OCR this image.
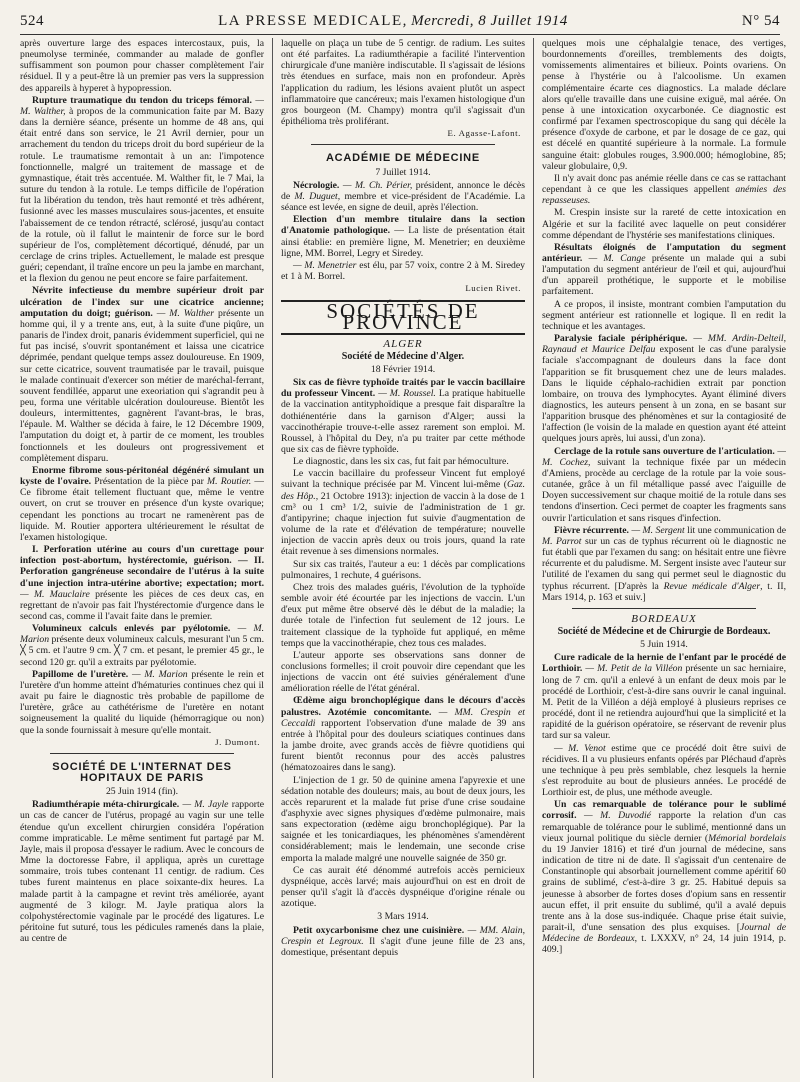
524	LA PRESSE MEDICALE, Mercredi, 8 Juillet 1914	N° 54

après ouverture large des espaces intercostaux, puis, la pneumolyse terminée, commander au malade de gonfler suffisamment son poumon pour chasser complètement l'air résiduel. Il y a peut-être là un premier pas vers la suppression des appareils à hyperet à hypopression.

Rupture traumatique du tendon du triceps fémoral. — M. Walther, à propos de la communication faite par M. Bazy dans la dernière séance, présente un homme de 48 ans, qui était entré dans son service, le 21 Avril dernier, pour un arrachement du tendon du triceps droit du bord supérieur de la rotule. Le traumatisme remontait à un an: l'impotence fonctionnelle, malgré un traitement de massage et de gymnastique, était très accentuée. M. Walther fit, le 7 Mai, la suture du tendon à la rotule. Le temps difficile de l'opération fut la libération du tendon, très haut remonté et très adhérent, fusionné avec les masses musculaires sous-jacentes, et ensuite l'abaissement de ce tendon rétracté, sclérosé, jusqu'au contact de la rotule, où il fallut le maintenir de force sur le bord supérieur de l'os, complètement décortiqué, dénudé, par un cerclage de crins triples. Actuellement, le malade est presque guéri; cependant, il traîne encore un peu la jambe en marchant, et la flexion du genou ne peut encore se faire parfaitement.

Névrite infectieuse du membre supérieur droit par ulcération de l'index sur une cicatrice ancienne; amputation du doigt; guérison. — M. Walther présente un homme qui, il y a trente ans, eut, à la suite d'une piqûre, un panaris de l'index droit, panaris évidemment superficiel, qui ne fut pas incisé, s'ouvrit spontanément et laissa une cicatrice déprimée, pendant quelque temps assez douloureuse. En 1909, sur cette cicatrice, souvent traumatisée par le travail, puisque le malade continuait d'exercer son métier de maréchal-ferrant, souvent fendillée, apparut une exeoriation qui s'agrandit peu à peu, forma une véritable ulcération douloureuse. Bientôt les douleurs, intermittentes, gagnèrent l'avant-bras, le bras, l'épaule. M. Walther se décida à faire, le 12 Décembre 1909, l'amputation du doigt et, à partir de ce moment, les troubles fonctionnels et les douleurs ont progressivement et complètement disparu.

Enorme fibrome sous-péritonéal dégénéré simulant un kyste de l'ovaire. Présentation de la pièce par M. Routier. — Ce fibrome était tellement fluctuant que, même le ventre ouvert, on crut se trouver en présence d'un kyste ovarique; cependant les ponctions au trocart ne ramenèrent pas de liquide. M. Routier apportera ultérieurement le résultat de l'examen histologique.

I. Perforation utérine au cours d'un curettage pour infection post-abortum, hystérectomie, guérison. — II. Perforation gangréneuse secondaire de l'utérus à la suite d'une injection intra-utérine abortive; expectation; mort. — M. Mauclaire présente les pièces de ces deux cas, en regrettant de n'avoir pas fait l'hystérectomie d'urgence dans le second cas, comme il l'avait faite dans le premier.

Volumineux calculs enlevés par pyélotomie. — M. Marion présente deux volumineux calculs, mesurant l'un 5 cm. ╳ 5 cm. et l'autre 9 cm. ╳ 7 cm. et pesant, le premier 45 gr., le second 120 gr. qu'il a extraits par pyélotomie.

Papillome de l'uretère. — M. Marion présente le rein et l'uretère d'un homme atteint d'hématuries continues chez qui il avait pu faire le diagnostic très probable de papillome de l'uretère, grâce au cathétérisme de l'uretère en notant soigneusement la qualité du liquide (hémorragique ou non) que la sonde fournissait à mesure qu'elle montait.

J. Dumont.

SOCIÉTÉ DE L'INTERNAT DES HOPITAUX DE PARIS

25 Juin 1914 (fin).

Radiumthérapie méta-chirurgicale. — M. Jayle rapporte un cas de cancer de l'utérus, propagé au vagin sur une telle étendue qu'un excellent chirurgien considéra l'opération comme impraticable. Le même sentiment fut partagé par M. Jayle, mais il proposa d'essayer le radium. Avec le concours de Mme la doctoresse Fabre, il appliqua, après un curettage sommaire, trois tubes contenant 11 centigr. de radium. Ces tubes furent maintenus en place soixante-dix heures. La malade partit à la campagne et revint très améliorée, ayant augmenté de 3 kilogr. M. Jayle pratiqua alors la colpohystérectomie vaginale par le procédé des ligatures. Le péritoine fut suturé, tous les pédicules ramenés dans la plaie, au centre de

laquelle on plaça un tube de 5 centigr. de radium. Les suites ont été parfaites. La radiumthérapie a facilité l'intervention chirurgicale d'une manière indiscutable. Il s'agissait de lésions très étendues en surface, mais non en profondeur. Après l'application du radium, les lésions avaient plutôt un aspect inflammatoire que cancéreux; mais l'examen histologique d'un gros bourgeon (M. Champy) montra qu'il s'agissait d'un épithélioma très proliférant.

E. Agasse-Lafont.

ACADÉMIE DE MÉDECINE

7 Juillet 1914.

Nécrologie. — M. Ch. Périer, président, annonce le décès de M. Duguet, membre et vice-président de l'Académie. La séance est levée, en signe de deuil, après l'élection.

Election d'un membre titulaire dans la section d'Anatomie pathologique. — La liste de présentation était ainsi établie: en première ligne, M. Menetrier; en deuxième ligne, MM. Borrel, Legry et Siredey.

— M. Menetrier est élu, par 57 voix, contre 2 à M. Siredey et 1 à M. Borrel.

Lucien Rivet.

SOCIÉTÉS DE PROVINCE

ALGER

Société de Médecine d'Alger.

18 Février 1914.

Six cas de fièvre typhoïde traités par le vaccin bacillaire du professeur Vincent. — M. Roussel. La pratique habituelle de la vaccination antityphoïdique a presque fait disparaître la dothiénentérie dans la garnison d'Alger; aussi la vaccinothérapie trouve-t-elle assez rarement son emploi. M. Roussel, à l'hôpital du Dey, n'a pu traiter par cette méthode que six cas de fièvre typhoïde.

Le diagnostic, dans les six cas, fut fait par hémoculture.

Le vaccin bacillaire du professeur Vincent fut employé suivant la technique précisée par M. Vincent lui-même (Gaz. des Hôp., 21 Octobre 1913): injection de vaccin à la dose de 1 cm³ ou 1 cm³ 1/2, suivie de l'administration de 1 gr. d'antipyrine; chaque injection fut suivie d'augmentation de volume de la rate et d'élévation de température; nouvelle injection de vaccin après deux ou trois jours, quand la rate était revenue à ses dimensions normales.

Sur six cas traités, l'auteur a eu: 1 décès par complications pulmonaires, 1 rechute, 4 guérisons.

Chez trois des malades guéris, l'évolution de la typhoïde semble avoir été écourtée par les injections de vaccin. L'un d'eux put même être observé dès le début de la maladie; la durée totale de l'infection fut seulement de 12 jours. Le traitement classique de la typhoïde fut appliqué, en même temps que la vaccinothérapie, chez tous ces malades.

L'auteur apporte ses observations sans donner de conclusions formelles; il croit pouvoir dire cependant que les injections de vaccin ont été suivies généralement d'une amélioration réelle de l'état général.

Œdème aigu bronchoplégique dans le décours d'accès palustres. Azotémie concomitante. — MM. Crespin et Ceccaldi rapportent l'observation d'une malade de 39 ans entrée à l'hôpital pour des douleurs sciatiques continues dans la jambe droite, avec grands accès de fièvre quotidiens qui furent bientôt reconnus pour des accès palustres (hématozoaires dans le sang).

L'injection de 1 gr. 50 de quinine amena l'apyrexie et une sédation notable des douleurs; mais, au bout de deux jours, les accès reparurent et la malade fut prise d'une crise soudaine d'asphyxie avec signes physiques d'œdème pulmonaire, mais sans expectoration (œdème aigu bronchoplégique). Par la saignée et les tonicardiaques, les phénomènes s'amendèrent considérablement; mais le lendemain, une seconde crise emporta la malade malgré une nouvelle saignée de 350 gr.

Ce cas aurait été dénommé autrefois accès pernicieux dyspnéique, accès larvé; mais aujourd'hui on est en droit de penser qu'il s'agit là d'accès dyspnéique d'origine rénale ou azotique.

3 Mars 1914.

Petit oxycarbonisme chez une cuisinière. — MM. Alain, Crespin et Legroux. Il s'agit d'une jeune fille de 23 ans, domestique, présentant depuis

quelques mois une céphalalgie tenace, des vertiges, bourdonnements d'oreilles, tremblements des doigts, vomissements alimentaires et bilieux. Points ovariens. On pense à l'hystérie ou à l'alcoolisme. Un examen complémentaire écarte ces diagnostics. La malade déclare alors qu'elle travaille dans une cuisine exiguë, mal aérée. On pense à une intoxication oxycarbonée. Ce diagnostic est confirmé par l'examen spectroscopique du sang qui décèle la présence d'oxyde de carbone, et par le dosage de ce gaz, qui est décelé en quantité supérieure à la normale. La formule sanguine était: globules rouges, 3.900.000; hémoglobine, 85; valeur globulaire, 0,9.

Il n'y avait donc pas anémie réelle dans ce cas se rattachant cependant à ce que les classiques appellent anémies des repasseuses.

M. Crespin insiste sur la rareté de cette intoxication en Algérie et sur la facilité avec laquelle on peut considérer comme dépendant de l'hystérie ses manifestations cliniques.

Résultats éloignés de l'amputation du segment antérieur. — M. Cange présente un malade qui a subi l'amputation du segment antérieur de l'œil et qui, aujourd'hui d'un appareil prothétique, le supporte et le mobilise parfaitement.

A ce propos, il insiste, montrant combien l'amputation du segment antérieur est rationnelle et logique. Il en redit la technique et les avantages.

Paralysie faciale périphérique. — MM. Ardin-Delteil, Raynaud et Maurice Delfau exposent le cas d'une paralysie faciale s'accompagnant de douleurs dans la face dont l'apparition se fit brusquement chez une de leurs malades. Dans le liquide céphalo-rachidien extrait par ponction lombaire, on trouva des lymphocytes. Ayant éliminé divers diagnostics, les auteurs pensent à un zona, en se basant sur l'apparition brusque des phénomènes et sur la contagiosité de l'affection (le voisin de la malade en question ayant été atteint quelques jours après, lui aussi, d'un zona).

Cerclage de la rotule sans ouverture de l'articulation. — M. Cochez, suivant la technique fixée par un médecin d'Amiens, procède au cerclage de la rotule par la voie sous-cutanée, grâce à un fil métallique passé avec l'aiguille de Doyen successivement sur chaque moitié de la rotule dans ses tendons d'insertion. Ceci permet de coapter les fragments sans ouvrir l'articulation et sans risques d'infection.

Fièvre récurrente. — M. Sergent lit une communication de M. Parrot sur un cas de typhus récurrent où le diagnostic ne fut établi que par l'examen du sang: on hésitait entre une fièvre récurrente et du paludisme. M. Sergent insiste avec l'auteur sur l'utilité de l'examen du sang qui permet seul le diagnostic du typhus récurrent. [D'après la Revue médicale d'Alger, t. II, Mars 1914, p. 163 et suiv.]

BORDEAUX

Société de Médecine et de Chirurgie de Bordeaux.

5 Juin 1914.

Cure radicale de la hernie de l'enfant par le procédé de Lorthioir. — M. Petit de la Villéon présente un sac herniaire, long de 7 cm. qu'il a enlevé à un enfant de deux mois par le procédé de Lorthioir, c'est-à-dire sans ouvrir le canal inguinal. M. Petit de la Villéon a déjà employé à plusieurs reprises ce procédé, dont il ne retiendra aujourd'hui que la simplicité et la rapidité de la guérison opératoire, se réservant de revenir plus tard sur sa valeur.

— M. Venot estime que ce procédé doit être suivi de récidives. Il a vu plusieurs enfants opérés par Pléchaud d'après une technique à peu près semblable, chez lesquels la hernie s'est reproduite au bout de plusieurs années. Le procédé de Lorthioir est, de plus, une méthode aveugle.

Un cas remarquable de tolérance pour le sublimé corrosif. — M. Duvodié rapporte la relation d'un cas remarquable de tolérance pour le sublimé, mentionné dans un vieux journal politique du siècle dernier (Mémorial bordelais du 19 Janvier 1816) et tiré d'un journal de médecine, sans indication de titre ni de date. Il s'agissait d'un centenaire de Constantinople qui absorbait journellement comme apéritif 60 grains de sublimé, c'est-à-dire 3 gr. 25. Habitué depuis sa jeunesse à absorber de fortes doses d'opium sans en ressentir aucun effet, il prit ensuite du sublimé, qu'il a avalé depuis trente ans à la dose sus-indiquée. Chaque prise était suivie, parait-il, d'une sensation des plus exquises. [Journal de Médecine de Bordeaux, t. LXXXV, n° 24, 14 juin 1914, p. 409.]
